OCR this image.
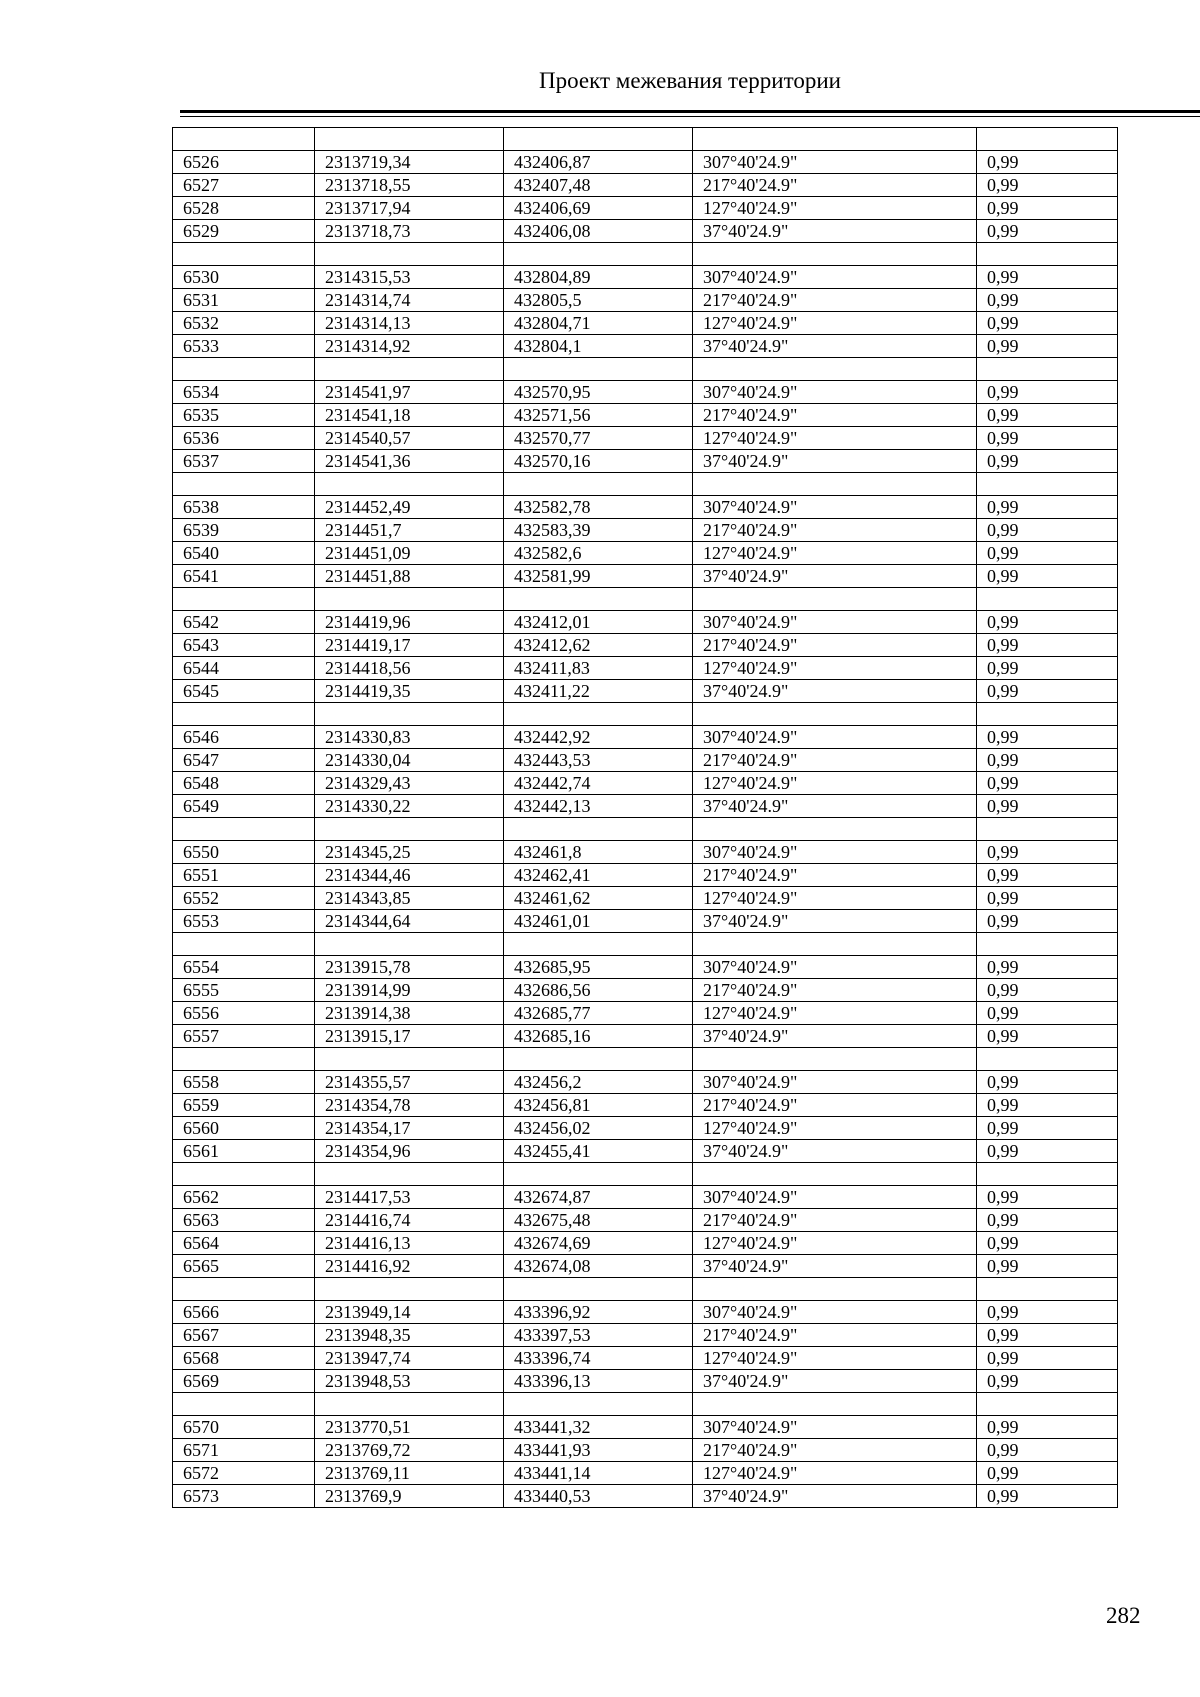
Проект межевания территории

6526	2313719,34	432406,87	307°40'24.9"	0,99
6527	2313718,55	432407,48	217°40'24.9"	0,99
6528	2313717,94	432406,69	127°40'24.9"	0,99
6529	2313718,73	432406,08	37°40'24.9"	0,99

6530	2314315,53	432804,89	307°40'24.9"	0,99
6531	2314314,74	432805,5	217°40'24.9"	0,99
6532	2314314,13	432804,71	127°40'24.9"	0,99
6533	2314314,92	432804,1	37°40'24.9"	0,99

6534	2314541,97	432570,95	307°40'24.9"	0,99
6535	2314541,18	432571,56	217°40'24.9"	0,99
6536	2314540,57	432570,77	127°40'24.9"	0,99
6537	2314541,36	432570,16	37°40'24.9"	0,99

6538	2314452,49	432582,78	307°40'24.9"	0,99
6539	2314451,7	432583,39	217°40'24.9"	0,99
6540	2314451,09	432582,6	127°40'24.9"	0,99
6541	2314451,88	432581,99	37°40'24.9"	0,99

6542	2314419,96	432412,01	307°40'24.9"	0,99
6543	2314419,17	432412,62	217°40'24.9"	0,99
6544	2314418,56	432411,83	127°40'24.9"	0,99
6545	2314419,35	432411,22	37°40'24.9"	0,99

6546	2314330,83	432442,92	307°40'24.9"	0,99
6547	2314330,04	432443,53	217°40'24.9"	0,99
6548	2314329,43	432442,74	127°40'24.9"	0,99
6549	2314330,22	432442,13	37°40'24.9"	0,99

6550	2314345,25	432461,8	307°40'24.9"	0,99
6551	2314344,46	432462,41	217°40'24.9"	0,99
6552	2314343,85	432461,62	127°40'24.9"	0,99
6553	2314344,64	432461,01	37°40'24.9"	0,99

6554	2313915,78	432685,95	307°40'24.9"	0,99
6555	2313914,99	432686,56	217°40'24.9"	0,99
6556	2313914,38	432685,77	127°40'24.9"	0,99
6557	2313915,17	432685,16	37°40'24.9"	0,99

6558	2314355,57	432456,2	307°40'24.9"	0,99
6559	2314354,78	432456,81	217°40'24.9"	0,99
6560	2314354,17	432456,02	127°40'24.9"	0,99
6561	2314354,96	432455,41	37°40'24.9"	0,99

6562	2314417,53	432674,87	307°40'24.9"	0,99
6563	2314416,74	432675,48	217°40'24.9"	0,99
6564	2314416,13	432674,69	127°40'24.9"	0,99
6565	2314416,92	432674,08	37°40'24.9"	0,99

6566	2313949,14	433396,92	307°40'24.9"	0,99
6567	2313948,35	433397,53	217°40'24.9"	0,99
6568	2313947,74	433396,74	127°40'24.9"	0,99
6569	2313948,53	433396,13	37°40'24.9"	0,99

6570	2313770,51	433441,32	307°40'24.9"	0,99
6571	2313769,72	433441,93	217°40'24.9"	0,99
6572	2313769,11	433441,14	127°40'24.9"	0,99
6573	2313769,9	433440,53	37°40'24.9"	0,99
282
